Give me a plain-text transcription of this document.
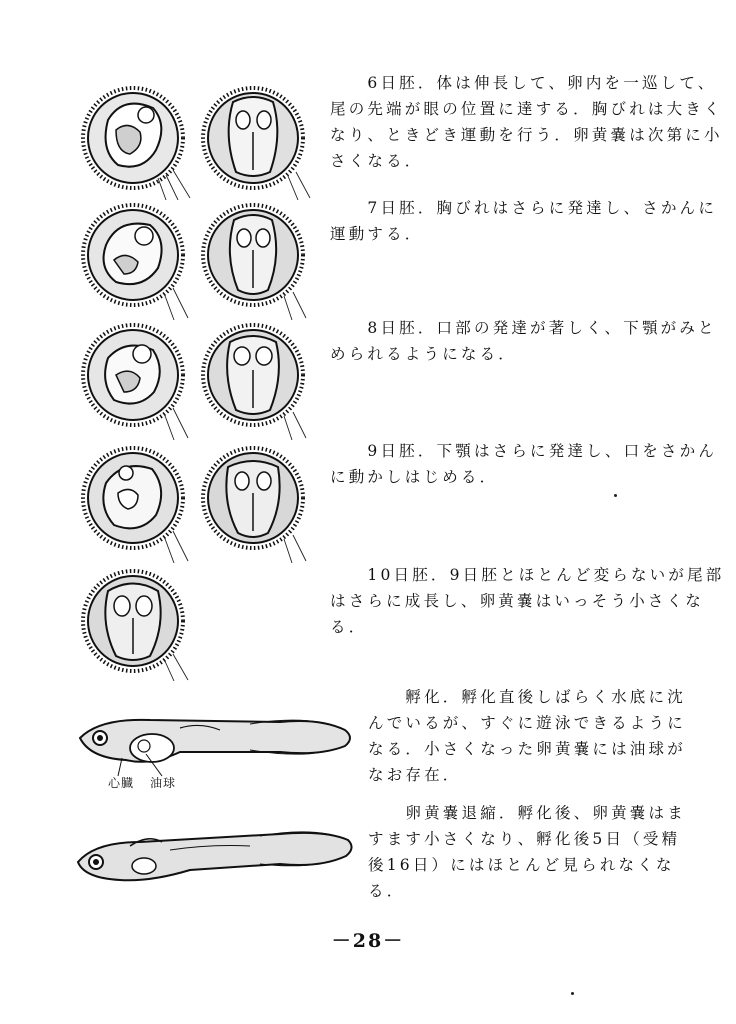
　　6日胚．体は伸長して、卵内を一巡して、尾の先端が眼の位置に達する．胸びれは大きくなり、ときどき運動を行う．卵黄嚢は次第に小さくなる．
　　7日胚．胸びれはさらに発達し、さかんに運動する．
　　8日胚．口部の発達が著しく、下顎がみとめられるようになる．
　　9日胚．下顎はさらに発達し、口をさかんに動かしはじめる．
　　10日胚．9日胚とほとんど変らないが尾部はさらに成長し、卵黄嚢はいっそう小さくなる．
心臓 油球
　　孵化．孵化直後しばらく水底に沈んでいるが、すぐに遊泳できるようになる．小さくなった卵黄嚢には油球がなお存在．
　　卵黄嚢退縮．孵化後、卵黄嚢はますます小さくなり、孵化後5日（受精後16日）にはほとんど見られなくなる．
－28－
